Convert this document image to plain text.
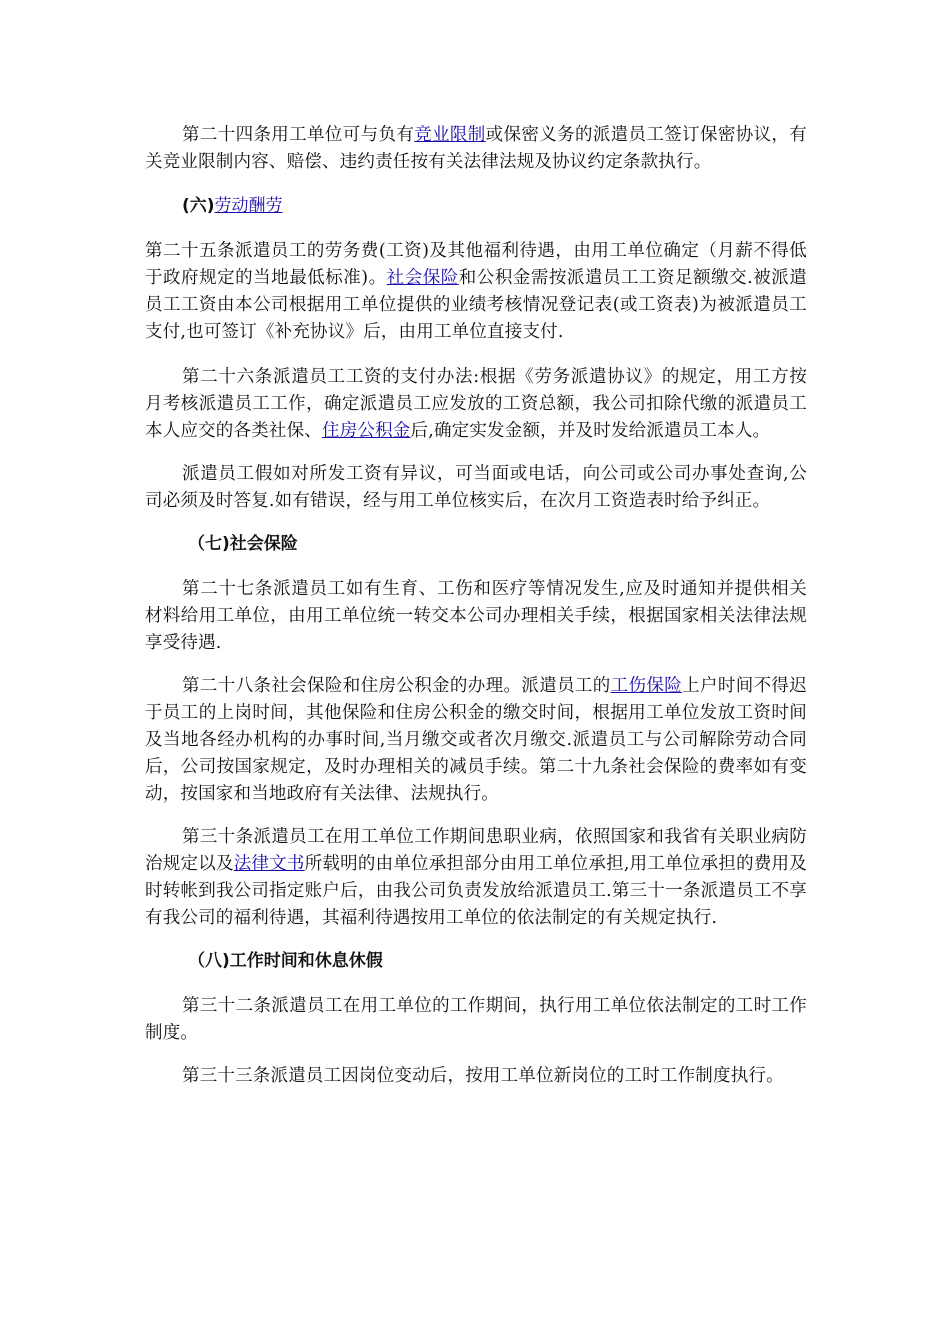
第二十四条用工单位可与负有竞业限制或保密义务的派遣员工签订保密协议，有关竞业限制内容、赔偿、违约责任按有关法律法规及协议约定条款执行。

(六)劳动酬劳

第二十五条派遣员工的劳务费(工资)及其他福利待遇，由用工单位确定（月薪不得低于政府规定的当地最低标准)。社会保险和公积金需按派遣员工工资足额缴交.被派遣员工工资由本公司根据用工单位提供的业绩考核情况登记表(或工资表)为被派遣员工支付,也可签订《补充协议》后，由用工单位直接支付.

第二十六条派遣员工工资的支付办法:根据《劳务派遣协议》的规定，用工方按月考核派遣员工工作，确定派遣员工应发放的工资总额，我公司扣除代缴的派遣员工本人应交的各类社保、住房公积金后,确定实发金额，并及时发给派遣员工本人。

派遣员工假如对所发工资有异议，可当面或电话，向公司或公司办事处查询,公司必须及时答复.如有错误，经与用工单位核实后，在次月工资造表时给予纠正。

（七)社会保险

第二十七条派遣员工如有生育、工伤和医疗等情况发生,应及时通知并提供相关材料给用工单位，由用工单位统一转交本公司办理相关手续，根据国家相关法律法规享受待遇.

第二十八条社会保险和住房公积金的办理。派遣员工的工伤保险上户时间不得迟于员工的上岗时间，其他保险和住房公积金的缴交时间，根据用工单位发放工资时间及当地各经办机构的办事时间,当月缴交或者次月缴交.派遣员工与公司解除劳动合同后，公司按国家规定，及时办理相关的减员手续。第二十九条社会保险的费率如有变动，按国家和当地政府有关法律、法规执行。

第三十条派遣员工在用工单位工作期间患职业病，依照国家和我省有关职业病防治规定以及法律文书所载明的由单位承担部分由用工单位承担,用工单位承担的费用及时转帐到我公司指定账户后，由我公司负责发放给派遣员工.第三十一条派遣员工不享有我公司的福利待遇，其福利待遇按用工单位的依法制定的有关规定执行.

（八)工作时间和休息休假

第三十二条派遣员工在用工单位的工作期间，执行用工单位依法制定的工时工作制度。

第三十三条派遣员工因岗位变动后，按用工单位新岗位的工时工作制度执行。
